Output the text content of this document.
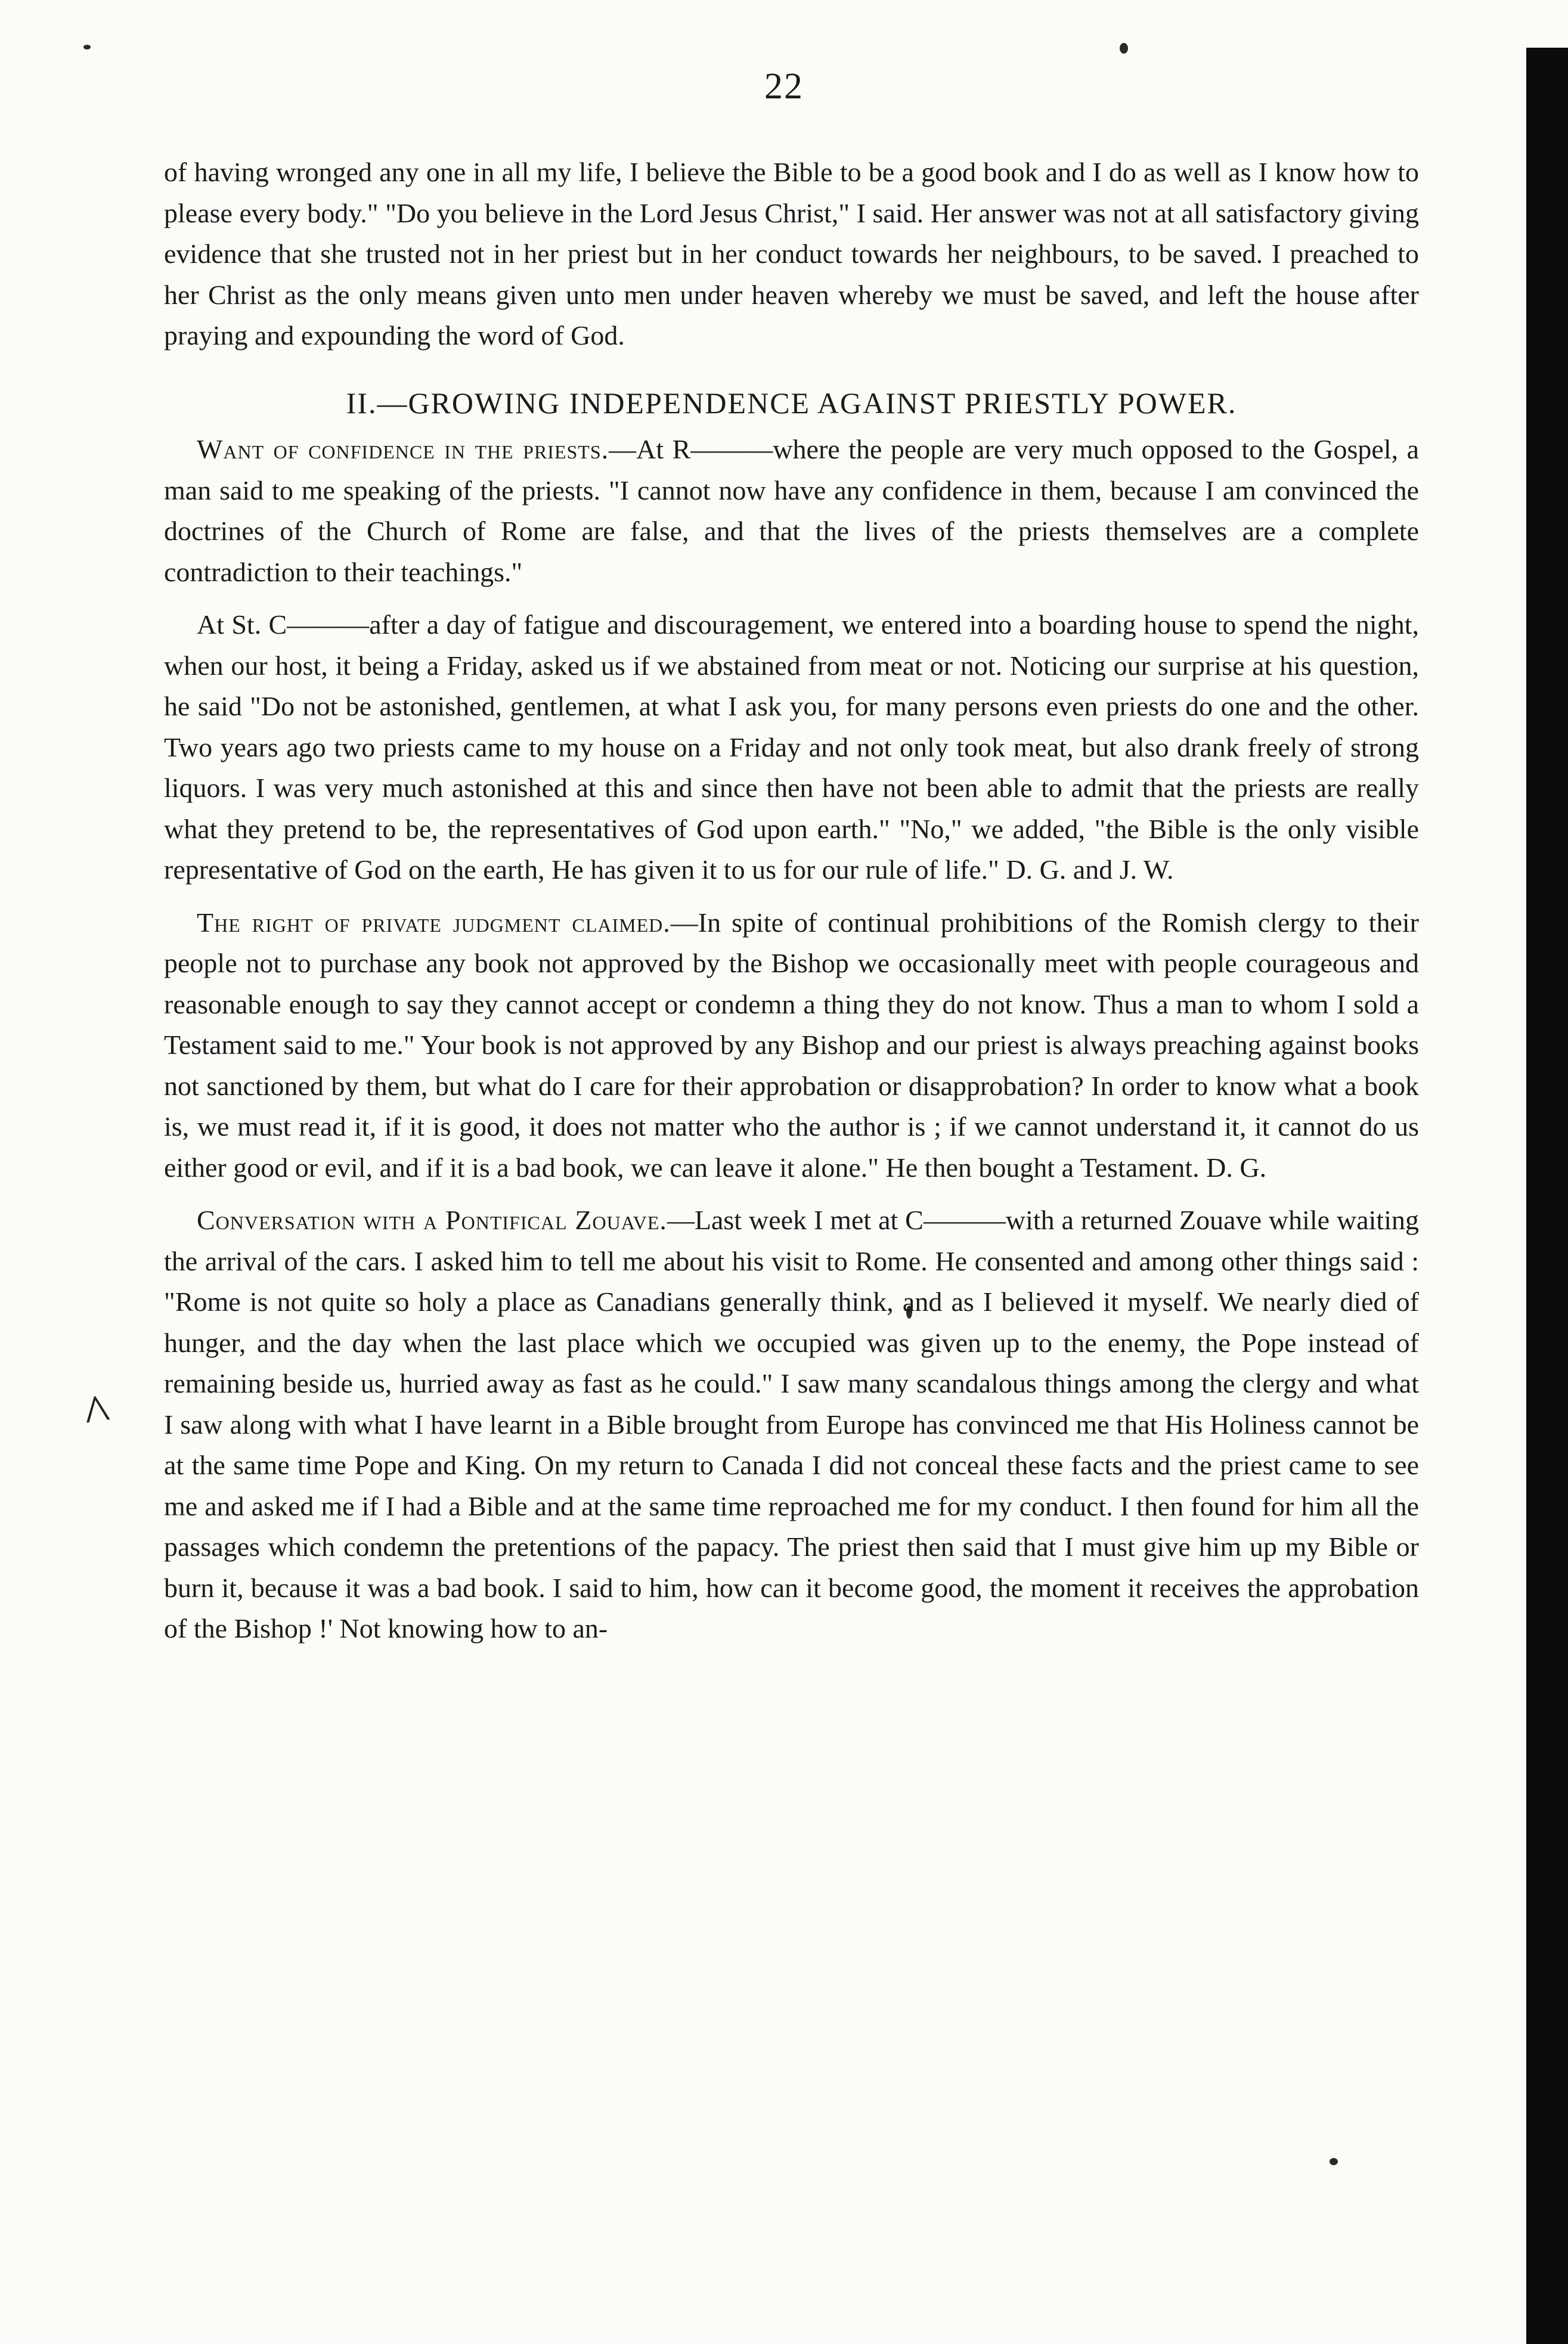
22
^

of having wronged any one in all my life, I believe the Bible to be a good book and I do as well as I know how to please every body." "Do you believe in the Lord Jesus Christ," I said. Her answer was not at all satisfactory giving evidence that she trusted not in her priest but in her conduct towards her neighbours, to be saved. I preached to her Christ as the only means given unto men under heaven whereby we must be saved, and left the house after praying and expounding the word of God.

II.—GROWING INDEPENDENCE AGAINST PRIESTLY POWER.

Want of confidence in the priests.—At R———where the people are very much opposed to the Gospel, a man said to me speaking of the priests. "I cannot now have any confidence in them, because I am convinced the doctrines of the Church of Rome are false, and that the lives of the priests themselves are a complete contradiction to their teachings."

At St. C———after a day of fatigue and discouragement, we entered into a boarding house to spend the night, when our host, it being a Friday, asked us if we abstained from meat or not. Noticing our surprise at his question, he said "Do not be astonished, gentlemen, at what I ask you, for many persons even priests do one and the other. Two years ago two priests came to my house on a Friday and not only took meat, but also drank freely of strong liquors. I was very much astonished at this and since then have not been able to admit that the priests are really what they pretend to be, the representatives of God upon earth." "No," we added, "the Bible is the only visible representative of God on the earth, He has given it to us for our rule of life." D. G. and J. W.

The right of private judgment claimed.—In spite of continual prohibitions of the Romish clergy to their people not to purchase any book not approved by the Bishop we occasionally meet with people courageous and reasonable enough to say they cannot accept or condemn a thing they do not know. Thus a man to whom I sold a Testament said to me." Your book is not approved by any Bishop and our priest is always preaching against books not sanctioned by them, but what do I care for their approbation or disapprobation? In order to know what a book is, we must read it, if it is good, it does not matter who the author is ; if we cannot understand it, it cannot do us either good or evil, and if it is a bad book, we can leave it alone." He then bought a Testament. D. G.

Conversation with a Pontifical Zouave.—Last week I met at C———with a returned Zouave while waiting the arrival of the cars. I asked him to tell me about his visit to Rome. He consented and among other things said : "Rome is not quite so holy a place as Canadians generally think, and as I believed it myself. We nearly died of hunger, and the day when the last place which we occupied was given up to the enemy, the Pope instead of remaining beside us, hurried away as fast as he could." I saw many scandalous things among the clergy and what I saw along with what I have learnt in a Bible brought from Europe has convinced me that His Holiness cannot be at the same time Pope and King. On my return to Canada I did not conceal these facts and the priest came to see me and asked me if I had a Bible and at the same time reproached me for my conduct. I then found for him all the passages which condemn the pretentions of the papacy. The priest then said that I must give him up my Bible or burn it, because it was a bad book. I said to him, how can it become good, the moment it receives the approbation of the Bishop !' Not knowing how to an-
